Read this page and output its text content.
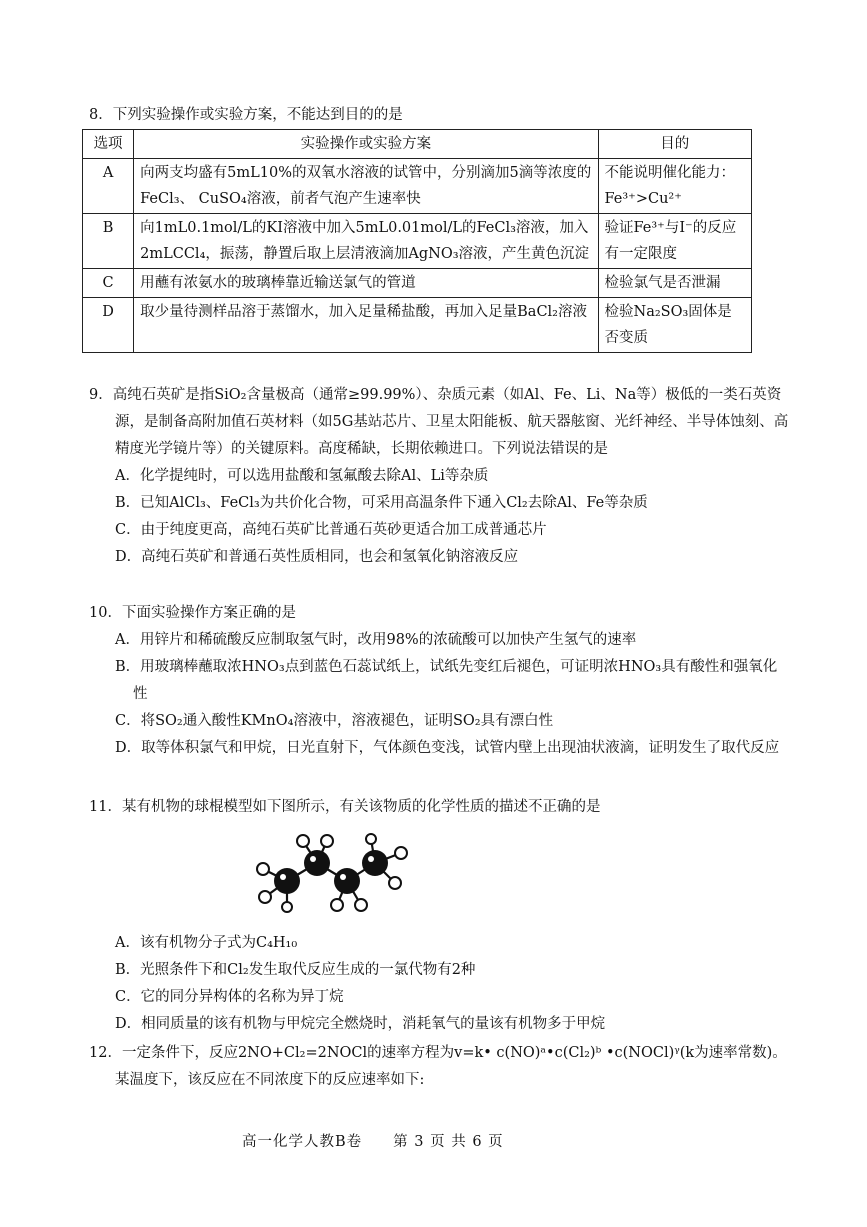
8．下列实验操作或实验方案，不能达到目的的是
选项	实验操作或实验方案	目的
A	向两支均盛有5mL10%的双氧水溶液的试管中，分别滴加5滴等浓度的FeCl₃、 CuSO₄溶液，前者气泡产生速率快	不能说明催化能力：Fe³⁺>Cu²⁺
B	向1mL0.1mol/L的KI溶液中加入5mL0.01mol/L的FeCl₃溶液，加入2mLCCl₄，振荡，静置后取上层清液滴加AgNO₃溶液，产生黄色沉淀	验证Fe³⁺与I⁻的反应有一定限度
C	用蘸有浓氨水的玻璃棒靠近输送氯气的管道	检验氯气是否泄漏
D	取少量待测样品溶于蒸馏水，加入足量稀盐酸，再加入足量BaCl₂溶液	检验Na₂SO₃固体是否变质
9．高纯石英矿是指SiO₂含量极高（通常≥99.99%）、杂质元素（如Al、Fe、Li、Na等）极低的一类石英资源，是制备高附加值石英材料（如5G基站芯片、卫星太阳能板、航天器舷窗、光纤神经、半导体蚀刻、高精度光学镜片等）的关键原料。高度稀缺，长期依赖进口。下列说法错误的是
A．化学提纯时，可以选用盐酸和氢氟酸去除Al、Li等杂质
B．已知AlCl₃、FeCl₃为共价化合物，可采用高温条件下通入Cl₂去除Al、Fe等杂质
C．由于纯度更高，高纯石英矿比普通石英砂更适合加工成普通芯片
D．高纯石英矿和普通石英性质相同，也会和氢氧化钠溶液反应
10．下面实验操作方案正确的是
A．用锌片和稀硫酸反应制取氢气时，改用98%的浓硫酸可以加快产生氢气的速率
B．用玻璃棒蘸取浓HNO₃点到蓝色石蕊试纸上，试纸先变红后褪色，可证明浓HNO₃具有酸性和强氧化性
C．将SO₂通入酸性KMnO₄溶液中，溶液褪色，证明SO₂具有漂白性
D．取等体积氯气和甲烷，日光直射下，气体颜色变浅，试管内壁上出现油状液滴，证明发生了取代反应
11．某有机物的球棍模型如下图所示，有关该物质的化学性质的描述不正确的是
A．该有机物分子式为C₄H₁₀
B．光照条件下和Cl₂发生取代反应生成的一氯代物有2种
C．它的同分异构体的名称为异丁烷
D．相同质量的该有机物与甲烷完全燃烧时，消耗氧气的量该有机物多于甲烷
12．一定条件下，反应2NO+Cl₂=2NOCl的速率方程为v=k• c(NO)ᵃ•c(Cl₂)ᵇ •c(NOCl)ᵞ(k为速率常数)。某温度下，该反应在不同浓度下的反应速率如下:
高一化学人教B卷　　第 3 页 共 6 页
